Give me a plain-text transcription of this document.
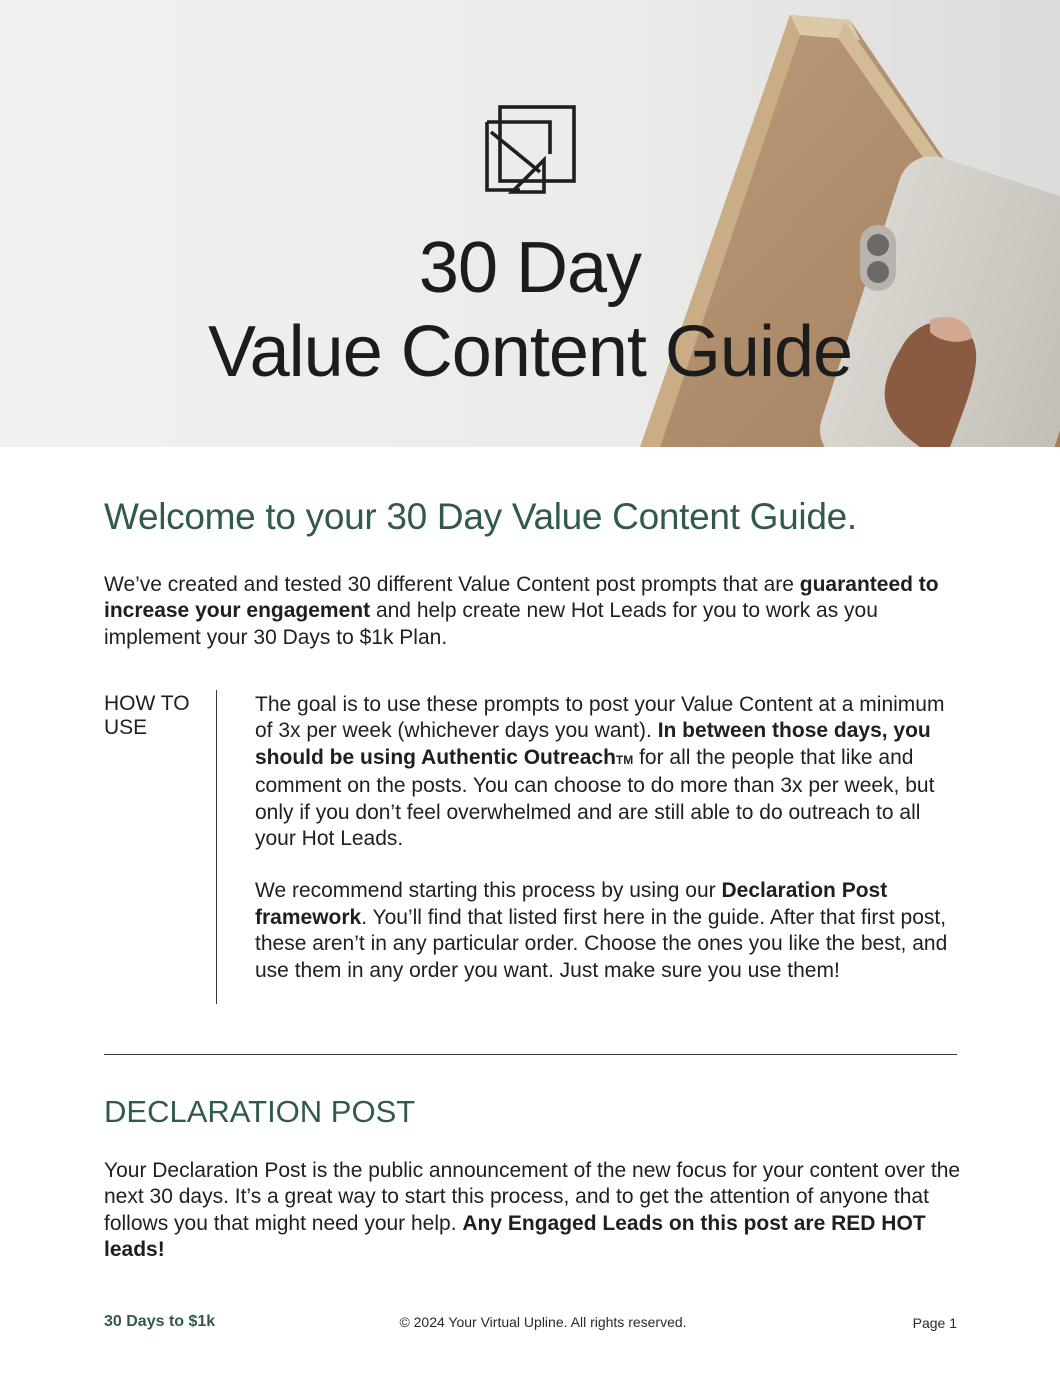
30 Day
Value Content Guide
Welcome to your 30 Day Value Content Guide.

We’ve created and tested 30 different Value Content post prompts that are guaranteed to increase your engagement and help create new Hot Leads for you to work as you implement your 30 Days to $1k Plan.

HOW TO USE

The goal is to use these prompts to post your Value Content at a minimum of 3x per week (whichever days you want). In between those days, you should be using Authentic OutreachTM for all the people that like and comment on the posts. You can choose to do more than 3x per week, but only if you don’t feel overwhelmed and are still able to do outreach to all your Hot Leads.

We recommend starting this process by using our Declaration Post framework. You’ll find that listed first here in the guide. After that first post, these aren’t in any particular order. Choose the ones you like the best, and use them in any order you want. Just make sure you use them!

DECLARATION POST

Your Declaration Post is the public announcement of the new focus for your content over the next 30 days. It’s a great way to start this process, and to get the attention of anyone that follows you that might need your help. Any Engaged Leads on this post are RED HOT leads!

30 Days to $1k	© 2024 Your Virtual Upline. All rights reserved.	Page 1
